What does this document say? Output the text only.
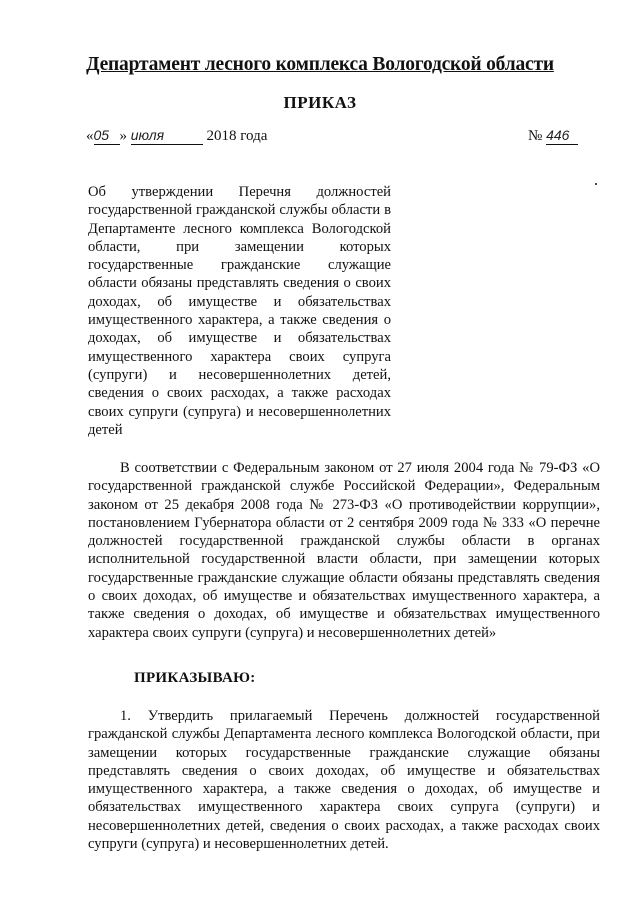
Департамент лесного комплекса Вологодской области
ПРИКАЗ
«05 » июля	2018 года	№ 446
Об утверждении Перечня должностей государственной гражданской службы области в Департаменте лесного комплекса Вологодской области, при замещении которых государственные гражданские служащие области обязаны представлять сведения о своих доходах, об имуществе и обязательствах имущественного характера, а также сведения о доходах, об имуществе и обязательствах имущественного характера своих супруга (супруги) и несовершеннолетних детей, сведения о своих расходах, а также расходах своих супруги (супруга) и несовершеннолетних детей
В соответствии с Федеральным законом от 27 июля 2004 года № 79-ФЗ «О государственной гражданской службе Российской Федерации», Федеральным законом от 25 декабря 2008 года № 273-ФЗ «О противодействии коррупции», постановлением Губернатора области от 2 сентября 2009 года № 333 «О перечне должностей государственной гражданской службы области в органах исполнительной государственной власти области, при замещении которых государственные гражданские служащие области обязаны представлять сведения о своих доходах, об имуществе и обязательствах имущественного характера, а также сведения о доходах, об имуществе и обязательствах имущественного характера своих супруги (супруга) и несовершеннолетних детей»
ПРИКАЗЫВАЮ:
1. Утвердить прилагаемый Перечень должностей государственной гражданской службы Департамента лесного комплекса Вологодской области, при замещении которых государственные гражданские служащие обязаны представлять сведения о своих доходах, об имуществе и обязательствах имущественного характера, а также сведения о доходах, об имуществе и обязательствах имущественного характера своих супруга (супруги) и несовершеннолетних детей, сведения о своих расходах, а также расходах своих супруги (супруга) и несовершеннолетних детей.
